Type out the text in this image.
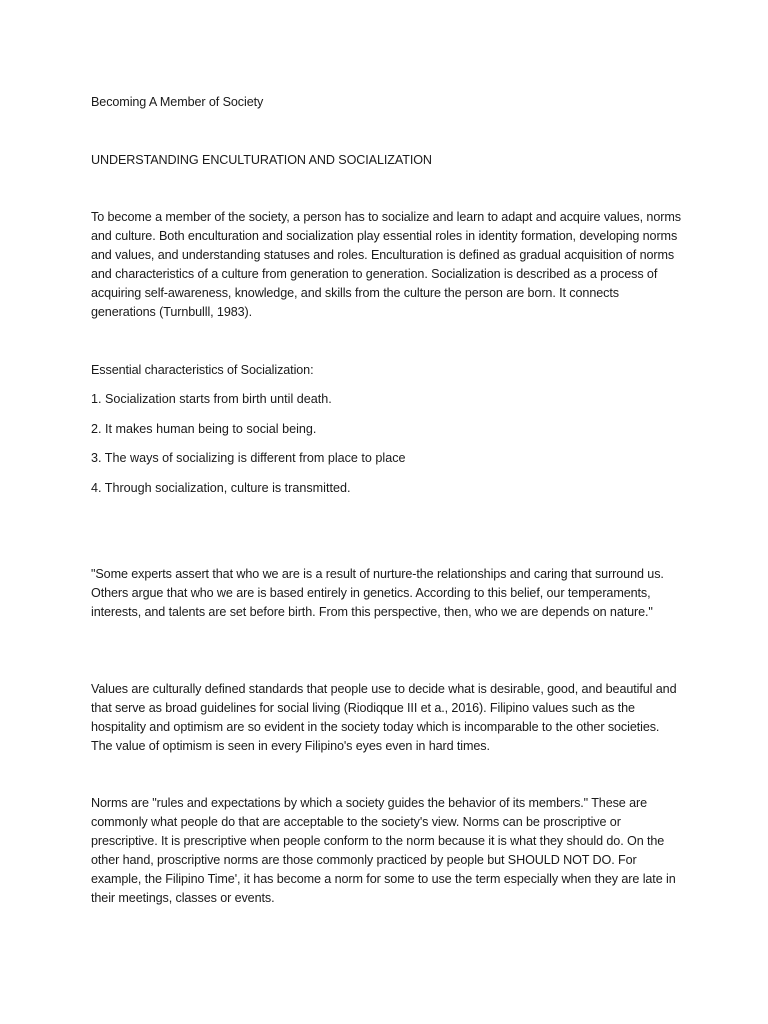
Becoming A Member of Society

UNDERSTANDING ENCULTURATION AND SOCIALIZATION

To become a member of the society, a person has to socialize and learn to adapt and acquire values, norms and culture. Both enculturation and socialization play essential roles in identity formation, developing norms and values, and understanding statuses and roles. Enculturation is defined as gradual acquisition of norms and characteristics of a culture from generation to generation. Socialization is described as a process of acquiring self-awareness, knowledge, and skills from the culture the person are born. It connects generations (Turnbulll, 1983).

Essential characteristics of Socialization:

1. Socialization starts from birth until death.
2. It makes human being to social being.
3. The ways of socializing is different from place to place
4. Through socialization, culture is transmitted.

"Some experts assert that who we are is a result of nurture-the relationships and caring that surround us. Others argue that who we are is based entirely in genetics. According to this belief, our temperaments, interests, and talents are set before birth. From this perspective, then, who we are depends on nature."

Values are culturally defined standards that people use to decide what is desirable, good, and beautiful and that serve as broad guidelines for social living (Riodiqque III et a., 2016). Filipino values such as the hospitality and optimism are so evident in the society today which is incomparable to the other societies. The value of optimism is seen in every Filipino's eyes even in hard times.

Norms are "rules and expectations by which a society guides the behavior of its members." These are commonly what people do that are acceptable to the society's view. Norms can be proscriptive or prescriptive. It is prescriptive when people conform to the norm because it is what they should do. On the other hand, proscriptive norms are those commonly practiced by people but SHOULD NOT DO. For example, the Filipino Time', it has become a norm for some to use the term especially when they are late in their meetings, classes or events.
